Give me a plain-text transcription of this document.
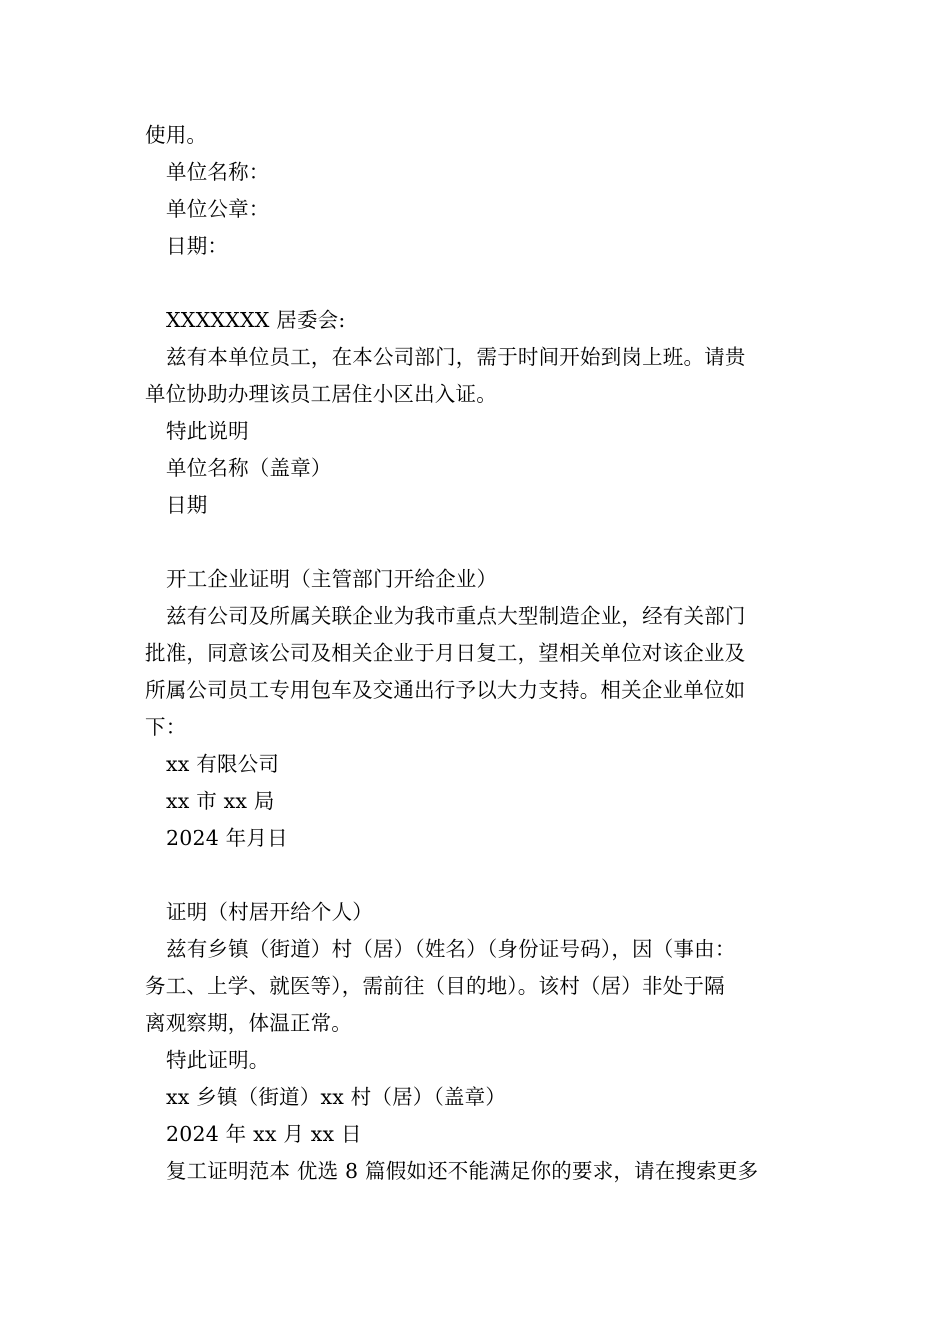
使用。
单位名称：
单位公章：
日期：
XXXXXXX 居委会:
兹有本单位员工，在本公司部门，需于时间开始到岗上班。请贵
单位协助办理该员工居住小区出入证。
特此说明
单位名称（盖章）
日期
开工企业证明（主管部门开给企业）
兹有公司及所属关联企业为我市重点大型制造企业，经有关部门
批准，同意该公司及相关企业于月日复工，望相关单位对该企业及
所属公司员工专用包车及交通出行予以大力支持。相关企业单位如
下：
xx 有限公司
xx 市 xx 局
2024 年月日
证明（村居开给个人）
兹有乡镇（街道）村（居）（姓名）（身份证号码），因（事由：
务工、上学、就医等），需前往（目的地）。该村（居）非处于隔
离观察期，体温正常。
特此证明。
xx 乡镇（街道）xx 村（居）（盖章）
2024 年 xx 月 xx 日
复工证明范本 优选 8 篇假如还不能满足你的要求，请在搜索更多
